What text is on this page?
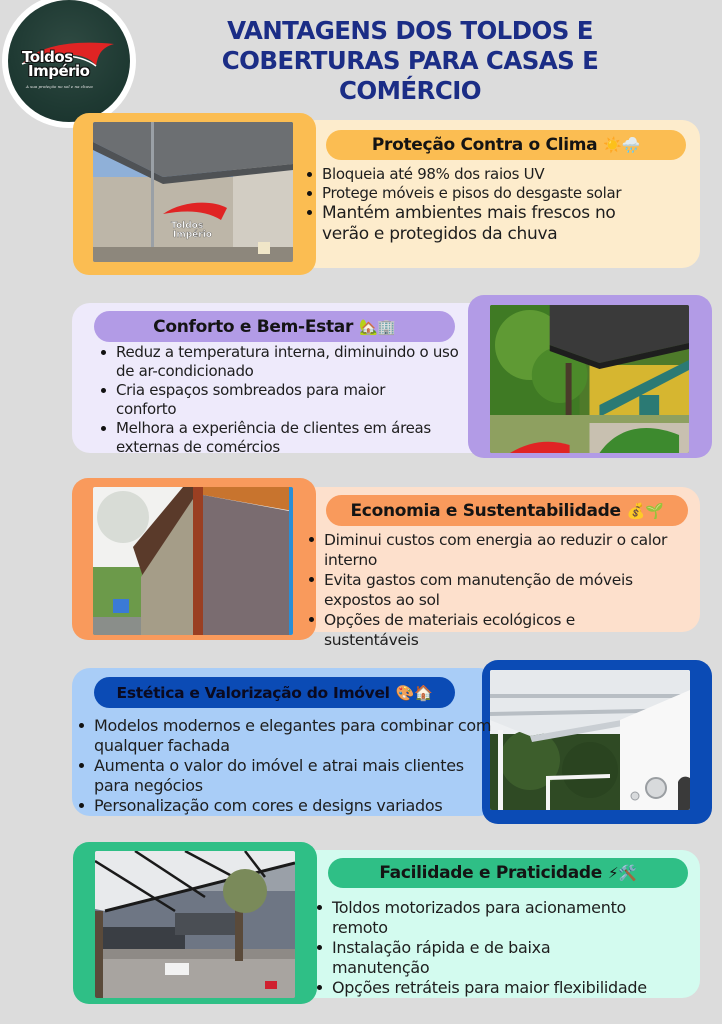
Toldos
Império
A sua proteção no sol e na chuva
VANTAGENS DOS TOLDOS E COBERTURAS PARA CASAS E COMÉRCIO
Toldos
Império
Proteção Contra o Clima ☀️🌧️
Bloqueia até 98% dos raios UV
Protege móveis e pisos do desgaste solar
Mantém ambientes mais frescos no verão e protegidos da chuva
Conforto e Bem-Estar 🏡🏢
Reduz a temperatura interna, diminuindo o uso de ar-condicionado
Cria espaços sombreados para maior conforto
Melhora a experiência de clientes em áreas externas de comércios
Economia e Sustentabilidade 💰🌱
Diminui custos com energia ao reduzir o calor interno
Evita gastos com manutenção de móveis expostos ao sol
Opções de materiais ecológicos e sustentáveis
Estética e Valorização do Imóvel 🎨🏠
Modelos modernos e elegantes para combinar com qualquer fachada
Aumenta o valor do imóvel e atrai mais clientes para negócios
Personalização com cores e designs variados
Facilidade e Praticidade ⚡🛠️
Toldos motorizados para acionamento remoto
Instalação rápida e de baixa manutenção
Opções retráteis para maior flexibilidade
